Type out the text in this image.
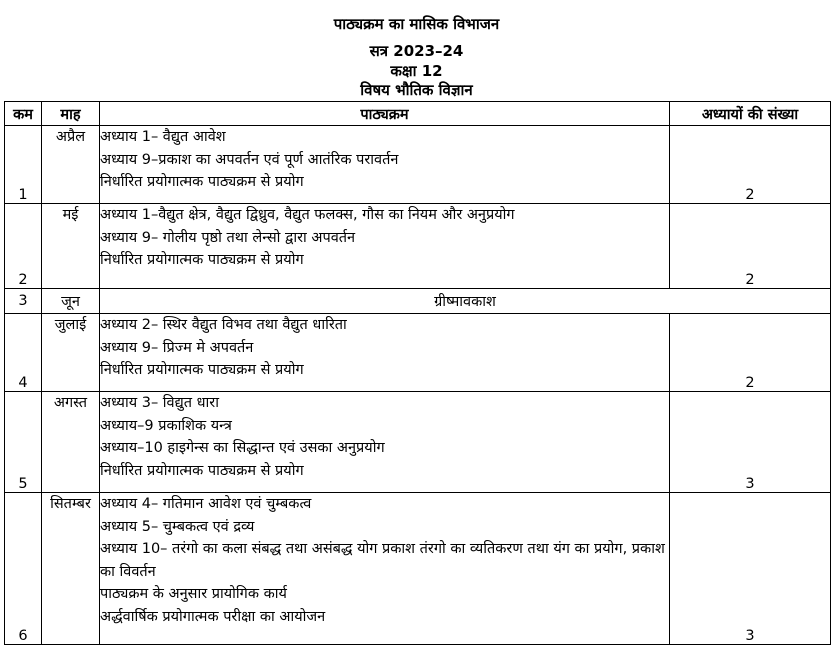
पाठ्यक्रम का मासिक विभाजन
सत्र 2023–24
कक्षा 12
विषय भौतिक विज्ञान
कम	माह	पाठ्यक्रम	अध्यायों की संख्या
1	अप्रैल	अध्याय 1– वैद्युत आवेश
अध्याय 9–प्रकाश का अपवर्तन एवं पूर्ण आतंरिक परावर्तन
निर्धारित प्रयोगात्मक पाठ्यक्रम से प्रयोग	2
2	मई	अध्याय 1–वैद्युत क्षेत्र, वैद्युत द्विध्रुव, वैद्युत फलक्स, गौस का नियम और अनुप्रयोग
अध्याय 9– गोलीय पृष्ठो तथा लेन्सो द्वारा अपवर्तन
निर्धारित प्रयोगात्मक पाठ्यक्रम से प्रयोग	2
3	जून	ग्रीष्मावकाश	
4	जुलाई	अध्याय 2– स्थिर वैद्युत विभव तथा वैद्युत धारिता
अध्याय 9– प्रिज्म मे अपवर्तन
निर्धारित प्रयोगात्मक पाठ्यक्रम से प्रयोग	2
5	अगस्त	अध्याय 3– विद्युत धारा
अध्याय–9 प्रकाशिक यन्त्र
अध्याय–10 हाइगेन्स का सिद्धान्त एवं उसका अनुप्रयोग
निर्धारित प्रयोगात्मक पाठ्यक्रम से प्रयोग	3
6	सितम्बर	अध्याय 4– गतिमान आवेश एवं चुम्बकत्व
अध्याय 5– चुम्बकत्व एवं द्रव्य
अध्याय 10– तरंगो का कला संबद्ध तथा असंबद्ध योग प्रकाश तंरगो का व्यतिकरण तथा यंग का प्रयोग, प्रकाश का विवर्तन
पाठ्यक्रम के अनुसार प्रायोगिक कार्य
अर्द्धवार्षिक प्रयोगात्मक परीक्षा का आयोजन	3
